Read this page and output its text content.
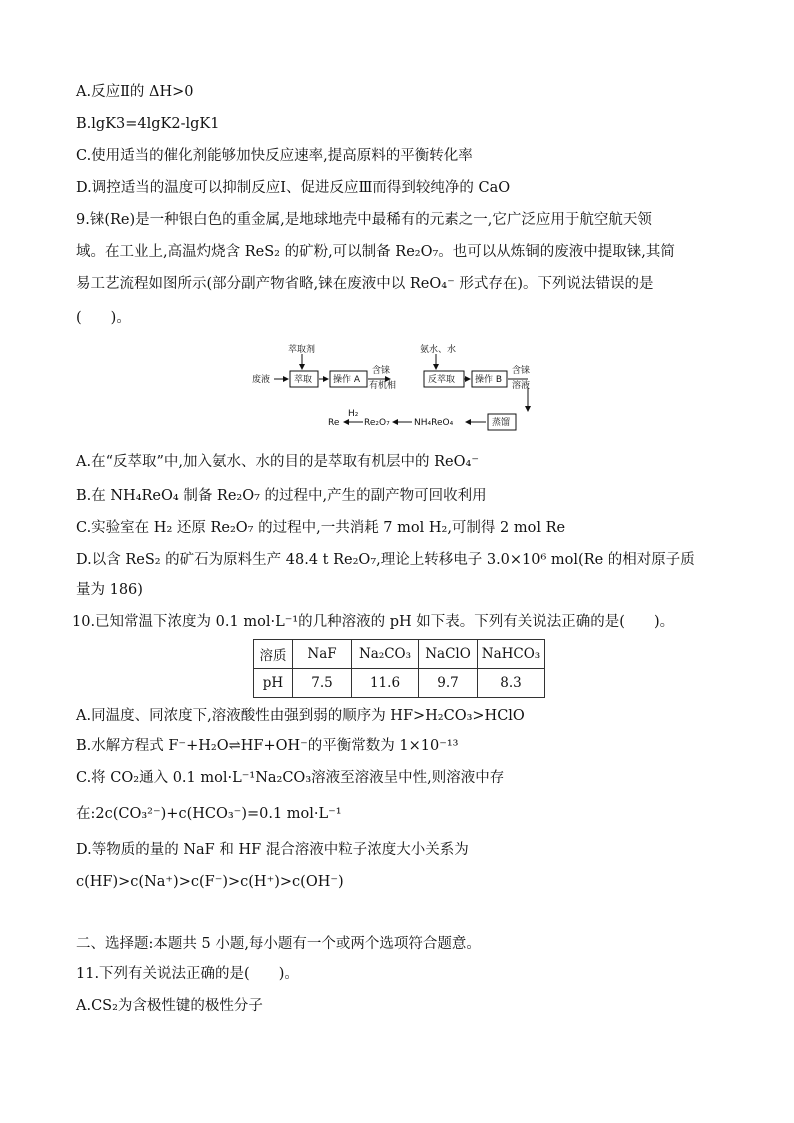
A.反应Ⅱ的 ΔH>0
B.lgK3=4lgK2-lgK1
C.使用适当的催化剂能够加快反应速率,提高原料的平衡转化率
D.调控适当的温度可以抑制反应Ⅰ、促进反应Ⅲ而得到较纯净的 CaO
9.铼(Re)是一种银白色的重金属,是地球地壳中最稀有的元素之一,它广泛应用于航空航天领
域。在工业上,高温灼烧含 ReS₂ 的矿粉,可以制备 Re₂O₇。也可以从炼铜的废液中提取铼,其简
易工艺流程如图所示(部分副产物省略,铼在废液中以 ReO₄⁻ 形式存在)。下列说法错误的是
(　　)。
萃取剂	氨水、水
废液	萃取 操作 A
含铼
有机相
反萃取 操作 B
含铼
溶液
蒸馏
NH₄ReO₄
Re₂O₇
H₂
Re
A.在“反萃取”中,加入氨水、水的目的是萃取有机层中的 ReO₄⁻
B.在 NH₄ReO₄ 制备 Re₂O₇ 的过程中,产生的副产物可回收利用
C.实验室在 H₂ 还原 Re₂O₇ 的过程中,一共消耗 7 mol H₂,可制得 2 mol Re
D.以含 ReS₂ 的矿石为原料生产 48.4 t Re₂O₇,理论上转移电子 3.0×10⁶ mol(Re 的相对原子质
量为 186)
10.已知常温下浓度为 0.1 mol·L⁻¹的几种溶液的 pH 如下表。下列有关说法正确的是(　　)。
溶质	NaF	Na₂CO₃	NaClO	NaHCO₃
pH	7.5	11.6	9.7	8.3
A.同温度、同浓度下,溶液酸性由强到弱的顺序为 HF>H₂CO₃>HClO
B.水解方程式 F⁻+H₂O⇌HF+OH⁻的平衡常数为 1×10⁻¹³
C.将 CO₂通入 0.1 mol·L⁻¹Na₂CO₃溶液至溶液呈中性,则溶液中存
在:2c(CO₃²⁻)+c(HCO₃⁻)=0.1 mol·L⁻¹
D.等物质的量的 NaF 和 HF 混合溶液中粒子浓度大小关系为
c(HF)>c(Na⁺)>c(F⁻)>c(H⁺)>c(OH⁻)
二、选择题:本题共 5 小题,每小题有一个或两个选项符合题意。
11.下列有关说法正确的是(　　)。
A.CS₂为含极性键的极性分子
